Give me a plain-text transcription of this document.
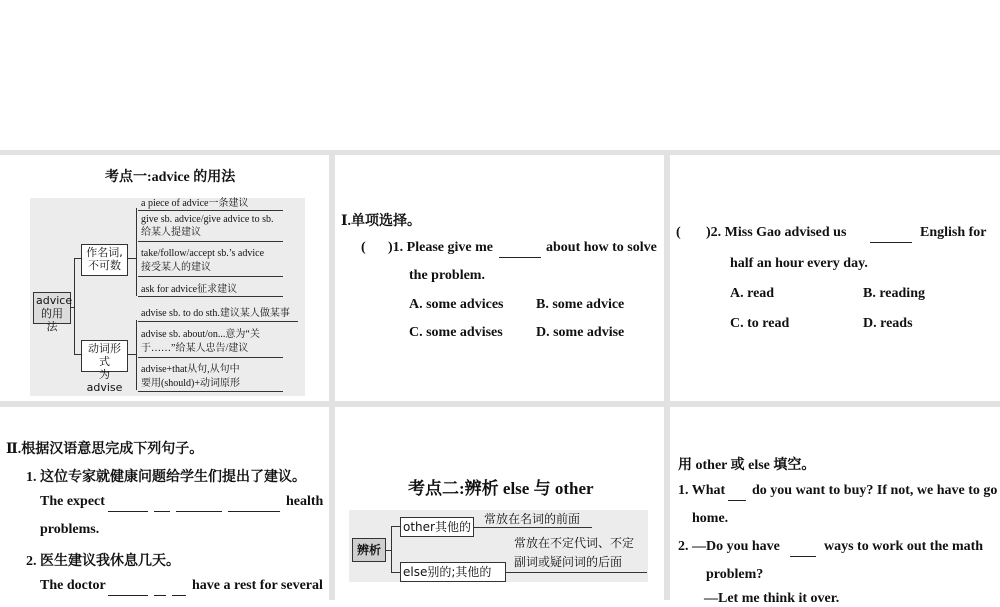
考点一:advice 的用法
advice
的用法
作名词,
不可数
动词形式
为advise
a piece of advice一条建议
give sb. advice/give advice to sb.
给某人提建议
take/follow/accept sb.’s advice
接受某人的建议
ask for advice征求建议
advise sb. to do sth.建议某人做某事
advise sb. about/on...意为“关
于……”给某人忠告/建议
advise+that从句,从句中
要用(should)+动词原形
Ⅰ.单项选择。
( )1. Please give me	about how to solve
the problem.
A. some advices B. some advice
C. some advises D. some advise
( )2. Miss Gao advised us	English for
half an hour every day.
A. read	B. reading
C. to read	D. reads
Ⅱ.根据汉语意思完成下列句子。
1. 这位专家就健康问题给学生们提出了建议。
The expect	health
problems.
2. 医生建议我休息几天。
The doctor	have a rest for several
考点二:辨析 else 与 other
辨析
other其他的
else别的;其他的
常放在名词的前面
常放在不定代词、不定
副词或疑问词的后面
用 other 或 else 填空。
1. What do you want to buy? If not, we have to go
home.
2. —Do you have	ways to work out the math
problem?
—Let me think it over.
